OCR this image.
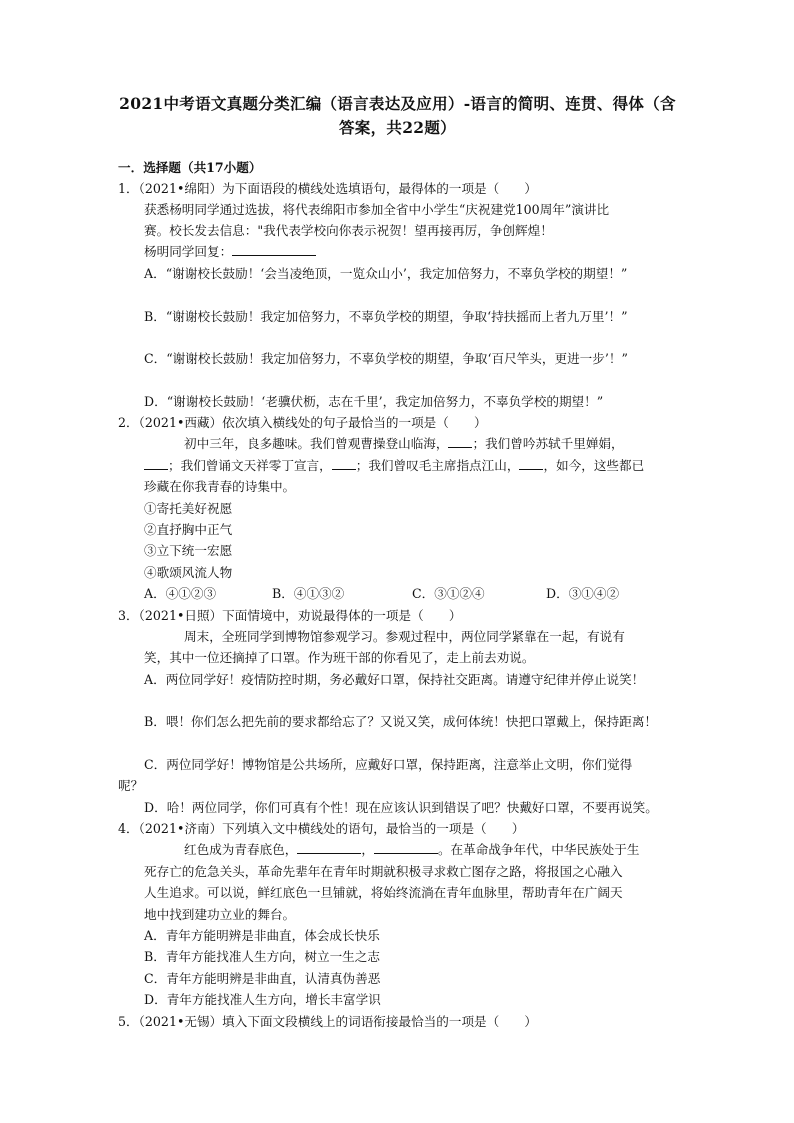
2021中考语文真题分类汇编（语言表达及应用）-语言的简明、连贯、得体（含
答案，共22题）
一．选择题（共17小题）
1．（2021•绵阳）为下面语段的横线处选填语句，最得体的一项是（　　）
获悉杨明同学通过选拔，将代表绵阳市参加全省中小学生“庆祝建党100周年”演讲比
赛。校长发去信息："我代表学校向你表示祝贺！望再接再厉，争创辉煌！
杨明同学回复：
A．“谢谢校长鼓励！‘会当凌绝顶，一览众山小’，我定加倍努力，不辜负学校的期望！”
B．“谢谢校长鼓励！我定加倍努力，不辜负学校的期望，争取‘持扶摇而上者九万里’！”
C．“谢谢校长鼓励！我定加倍努力，不辜负学校的期望，争取‘百尺竿头，更进一步’！”
D．“谢谢校长鼓励！‘老骥伏枥，志在千里’，我定加倍努力，不辜负学校的期望！”
2．（2021•西藏）依次填入横线处的句子最恰当的一项是（　　）
初中三年，良多趣味。我们曾观曹操登山临海， ；我们曾吟苏轼千里婵娟，
；我们曾诵文天祥零丁宣言， ；我们曾叹毛主席指点江山， ，如今，这些都已
珍藏在你我青春的诗集中。
①寄托美好祝愿
②直抒胸中正气
③立下统一宏愿
④歌颂风流人物
A．④①②③	B．④①③②	C．③①②④	D．③①④②
3．（2021•日照）下面情境中，劝说最得体的一项是（　　）
周末，全班同学到博物馆参观学习。参观过程中，两位同学紧靠在一起，有说有
笑，其中一位还摘掉了口罩。作为班干部的你看见了，走上前去劝说。
A．两位同学好！疫情防控时期，务必戴好口罩，保持社交距离。请遵守纪律并停止说笑！
B．喂！你们怎么把先前的要求都给忘了？又说又笑，成何体统！快把口罩戴上，保持距离！
C．两位同学好！博物馆是公共场所，应戴好口罩，保持距离，注意举止文明，你们觉得
呢？
D．哈！两位同学，你们可真有个性！现在应该认识到错误了吧？快戴好口罩，不要再说笑。
4．（2021•济南）下列填入文中横线处的语句，最恰当的一项是（　　）
红色成为青春底色，	，	。在革命战争年代，中华民族处于生
死存亡的危急关头，革命先辈年在青年时期就积极寻求救亡图存之路，将报国之心融入
人生追求。可以说，鲜红底色一旦铺就，将始终流淌在青年血脉里，帮助青年在广阔天
地中找到建功立业的舞台。
A．青年方能明辨是非曲直，体会成长快乐
B．青年方能找准人生方向，树立一生之志
C．青年方能明辨是非曲直，认清真伪善恶
D．青年方能找准人生方向，增长丰富学识
5．（2021•无锡）填入下面文段横线上的词语衔接最恰当的一项是（　　）
